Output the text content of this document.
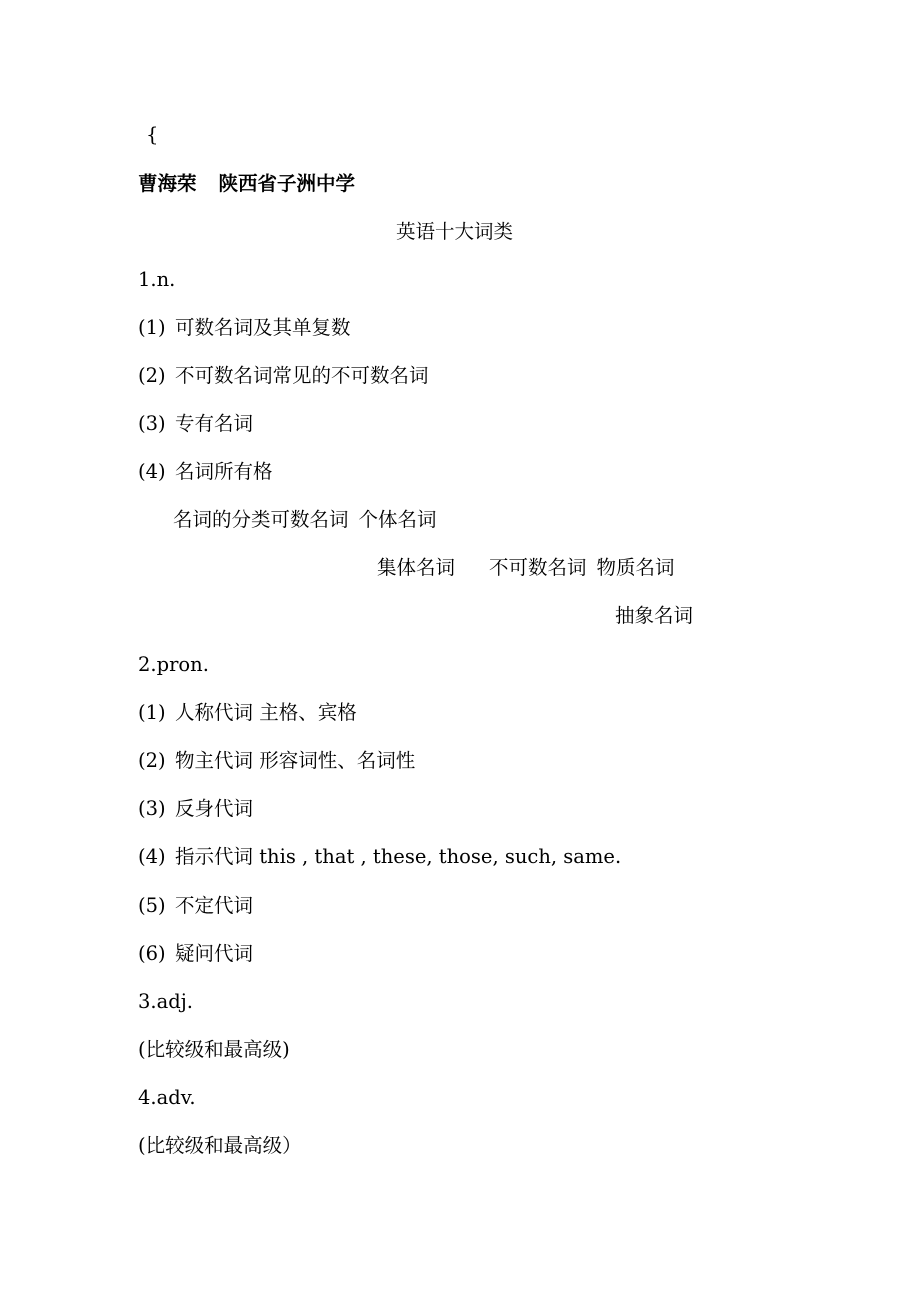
{
曹海荣 陕西省子洲中学
英语十大词类
1.n.
(1) 可数名词及其单复数
(2) 不可数名词常见的不可数名词
(3) 专有名词
(4) 名词所有格
名词的分类可数名词 个体名词
集体名词 不可数名词 物质名词
抽象名词
2.pron.
(1) 人称代词 主格、宾格
(2) 物主代词 形容词性、名词性
(3) 反身代词
(4) 指示代词 this , that , these, those, such, same.
(5) 不定代词
(6) 疑问代词
3.adj.
(比较级和最高级)
4.adv.
(比较级和最高级）
